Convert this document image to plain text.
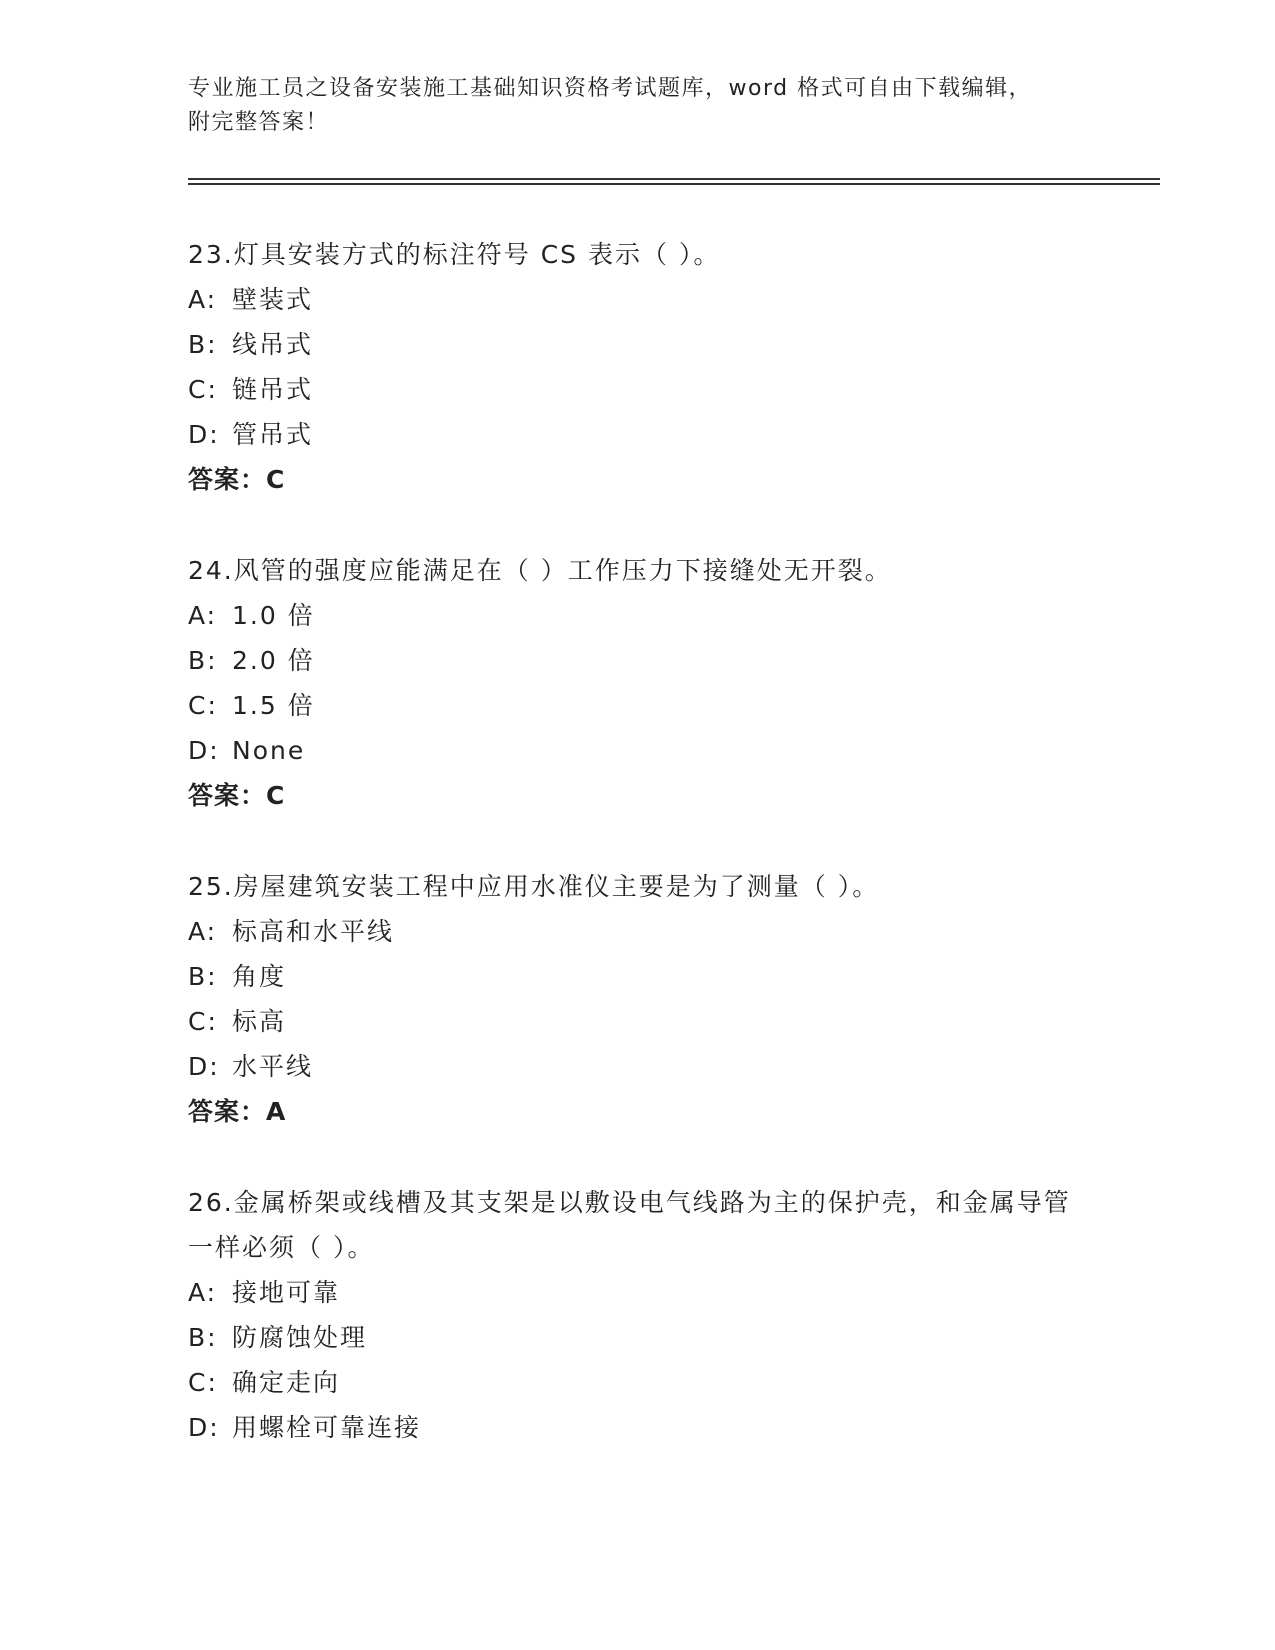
专业施工员之设备安装施工基础知识资格考试题库，word 格式可自由下载编辑，
附完整答案！

23.灯具安装方式的标注符号 CS 表示（ ）。

A: 壁装式

B: 线吊式

C: 链吊式

D: 管吊式

答案：C

24.风管的强度应能满足在（ ）工作压力下接缝处无开裂。

A: 1.0 倍

B: 2.0 倍

C: 1.5 倍

D: None

答案：C

25.房屋建筑安装工程中应用水准仪主要是为了测量（ ）。

A: 标高和水平线

B: 角度

C: 标高

D: 水平线

答案：A

26.金属桥架或线槽及其支架是以敷设电气线路为主的保护壳，和金属导管一样必须（ ）。

A: 接地可靠

B: 防腐蚀处理

C: 确定走向

D: 用螺栓可靠连接
